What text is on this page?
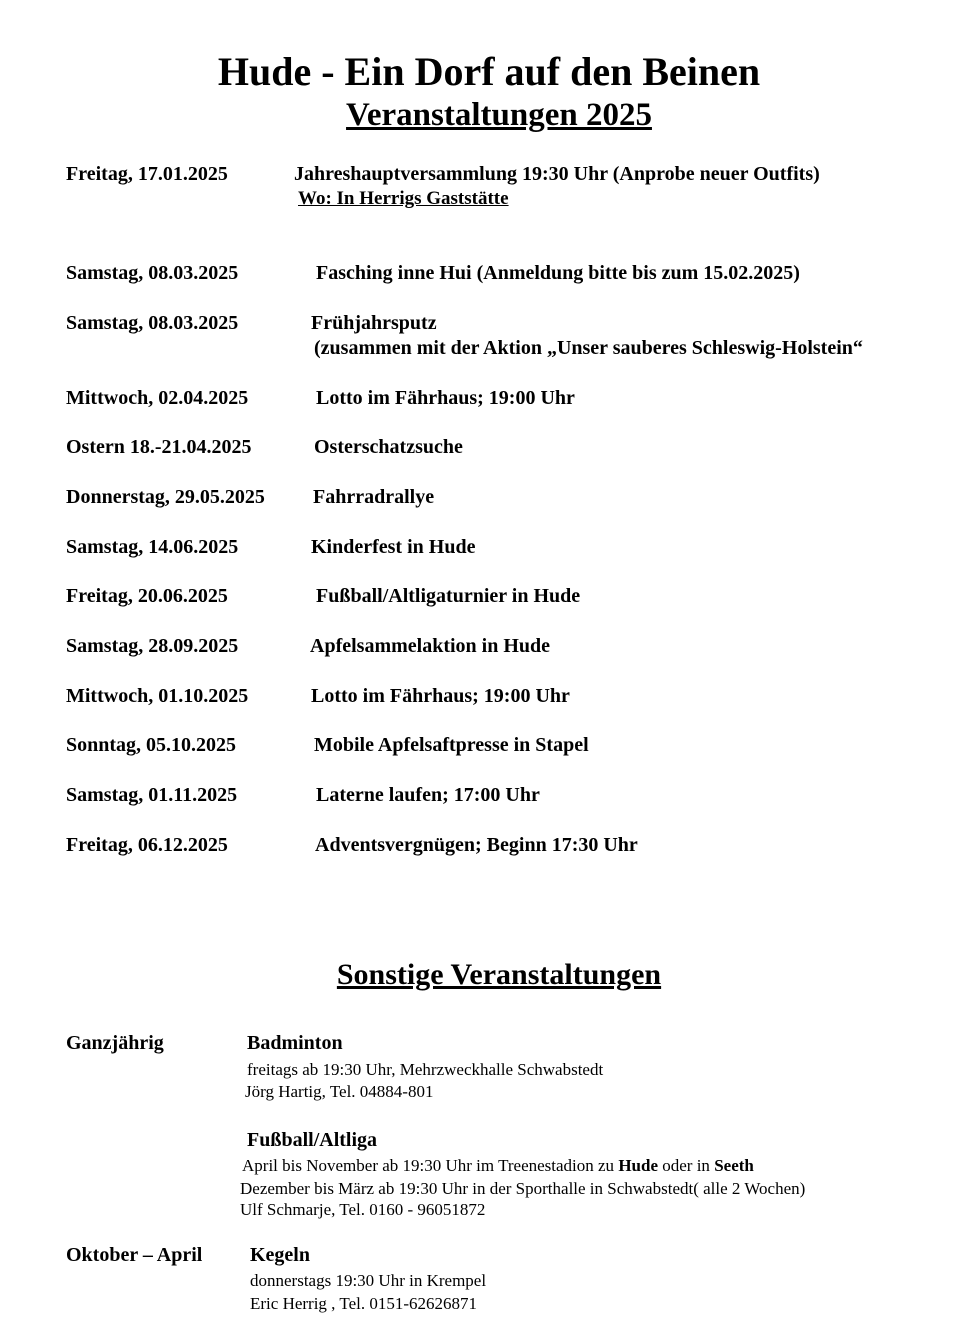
Hude - Ein Dorf auf den Beinen
Veranstaltungen 2025
Freitag, 17.01.2025	Jahreshauptversammlung 19:30 Uhr (Anprobe neuer Outfits)
Wo: In Herrigs Gaststätte
Samstag, 08.03.2025	Fasching inne Hui (Anmeldung bitte bis zum 15.02.2025)
Samstag, 08.03.2025	Frühjahrsputz
(zusammen mit der Aktion „Unser sauberes Schleswig-Holstein“
Mittwoch, 02.04.2025	Lotto im Fährhaus; 19:00 Uhr
Ostern 18.-21.04.2025	Osterschatzsuche
Donnerstag, 29.05.2025 Fahrradrallye
Samstag, 14.06.2025	Kinderfest in Hude
Freitag, 20.06.2025	Fußball/Altligaturnier in Hude
Samstag, 28.09.2025	Apfelsammelaktion in Hude
Mittwoch, 01.10.2025	Lotto im Fährhaus; 19:00 Uhr
Sonntag, 05.10.2025	Mobile Apfelsaftpresse in Stapel
Samstag, 01.11.2025	Laterne laufen; 17:00 Uhr
Freitag, 06.12.2025	Adventsvergnügen; Beginn 17:30 Uhr
Sonstige Veranstaltungen
Ganzjährig	Badminton
freitags ab 19:30 Uhr, Mehrzweckhalle Schwabstedt
Jörg Hartig, Tel. 04884-801
Fußball/Altliga
April bis November ab 19:30 Uhr im Treenestadion zu Hude oder in Seeth
Dezember bis März ab 19:30 Uhr in der Sporthalle in Schwabstedt( alle 2 Wochen)
Ulf Schmarje, Tel. 0160 - 96051872
Oktober – April Kegeln
donnerstags 19:30 Uhr in Krempel
Eric Herrig , Tel. 0151-62626871
